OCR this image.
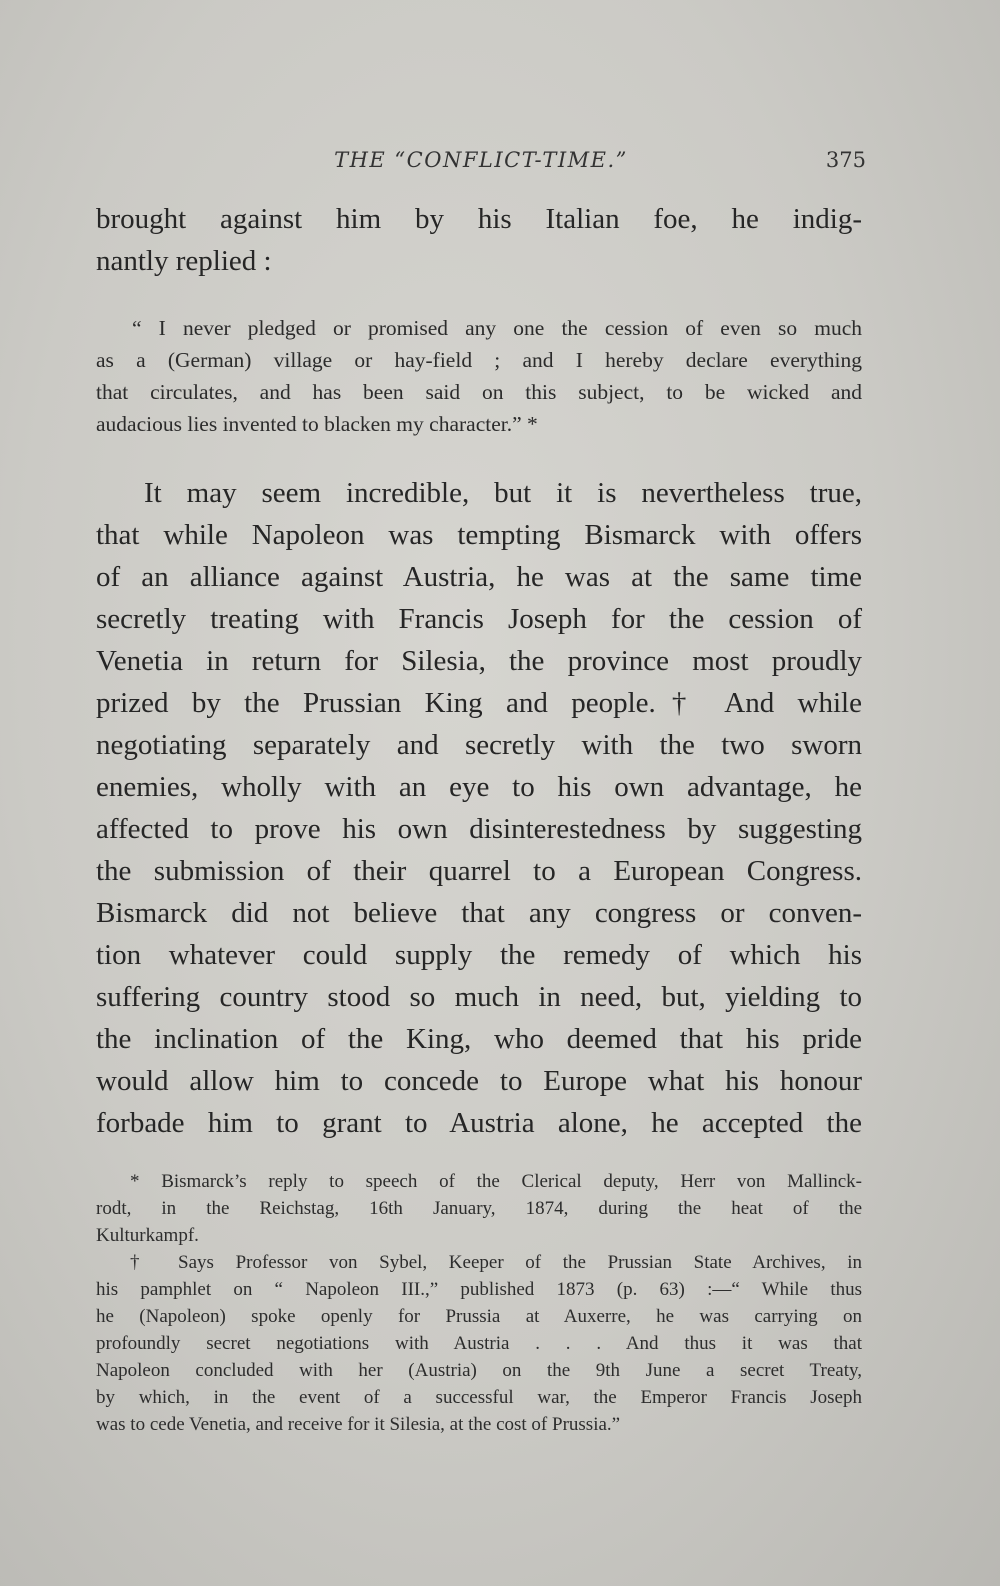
THE “CONFLICT-TIME.”	375
brought against him by his Italian foe, he indig-
nantly replied :
“ I never pledged or promised any one the cession of even so much
as a (German) village or hay-field ; and I hereby declare everything
that circulates, and has been said on this subject, to be wicked and
audacious lies invented to blacken my character.” *
It may seem incredible, but it is nevertheless true,
that while Napoleon was tempting Bismarck with offers
of an alliance against Austria, he was at the same time
secretly treating with Francis Joseph for the cession of
Venetia in return for Silesia, the province most proudly
prized by the Prussian King and people.† And while
negotiating separately and secretly with the two sworn
enemies, wholly with an eye to his own advantage, he
affected to prove his own disinterestedness by suggesting
the submission of their quarrel to a European Congress.
Bismarck did not believe that any congress or conven-
tion whatever could supply the remedy of which his
suffering country stood so much in need, but, yielding to
the inclination of the King, who deemed that his pride
would allow him to concede to Europe what his honour
forbade him to grant to Austria alone, he accepted the
* Bismarck’s reply to speech of the Clerical deputy, Herr von Mallinck-
rodt, in the Reichstag, 16th January, 1874, during the heat of the
Kulturkampf.
† Says Professor von Sybel, Keeper of the Prussian State Archives, in
his pamphlet on “ Napoleon III.,” published 1873 (p. 63) :—“ While thus
he (Napoleon) spoke openly for Prussia at Auxerre, he was carrying on
profoundly secret negotiations with Austria . . . And thus it was that
Napoleon concluded with her (Austria) on the 9th June a secret Treaty,
by which, in the event of a successful war, the Emperor Francis Joseph
was to cede Venetia, and receive for it Silesia, at the cost of Prussia.”
